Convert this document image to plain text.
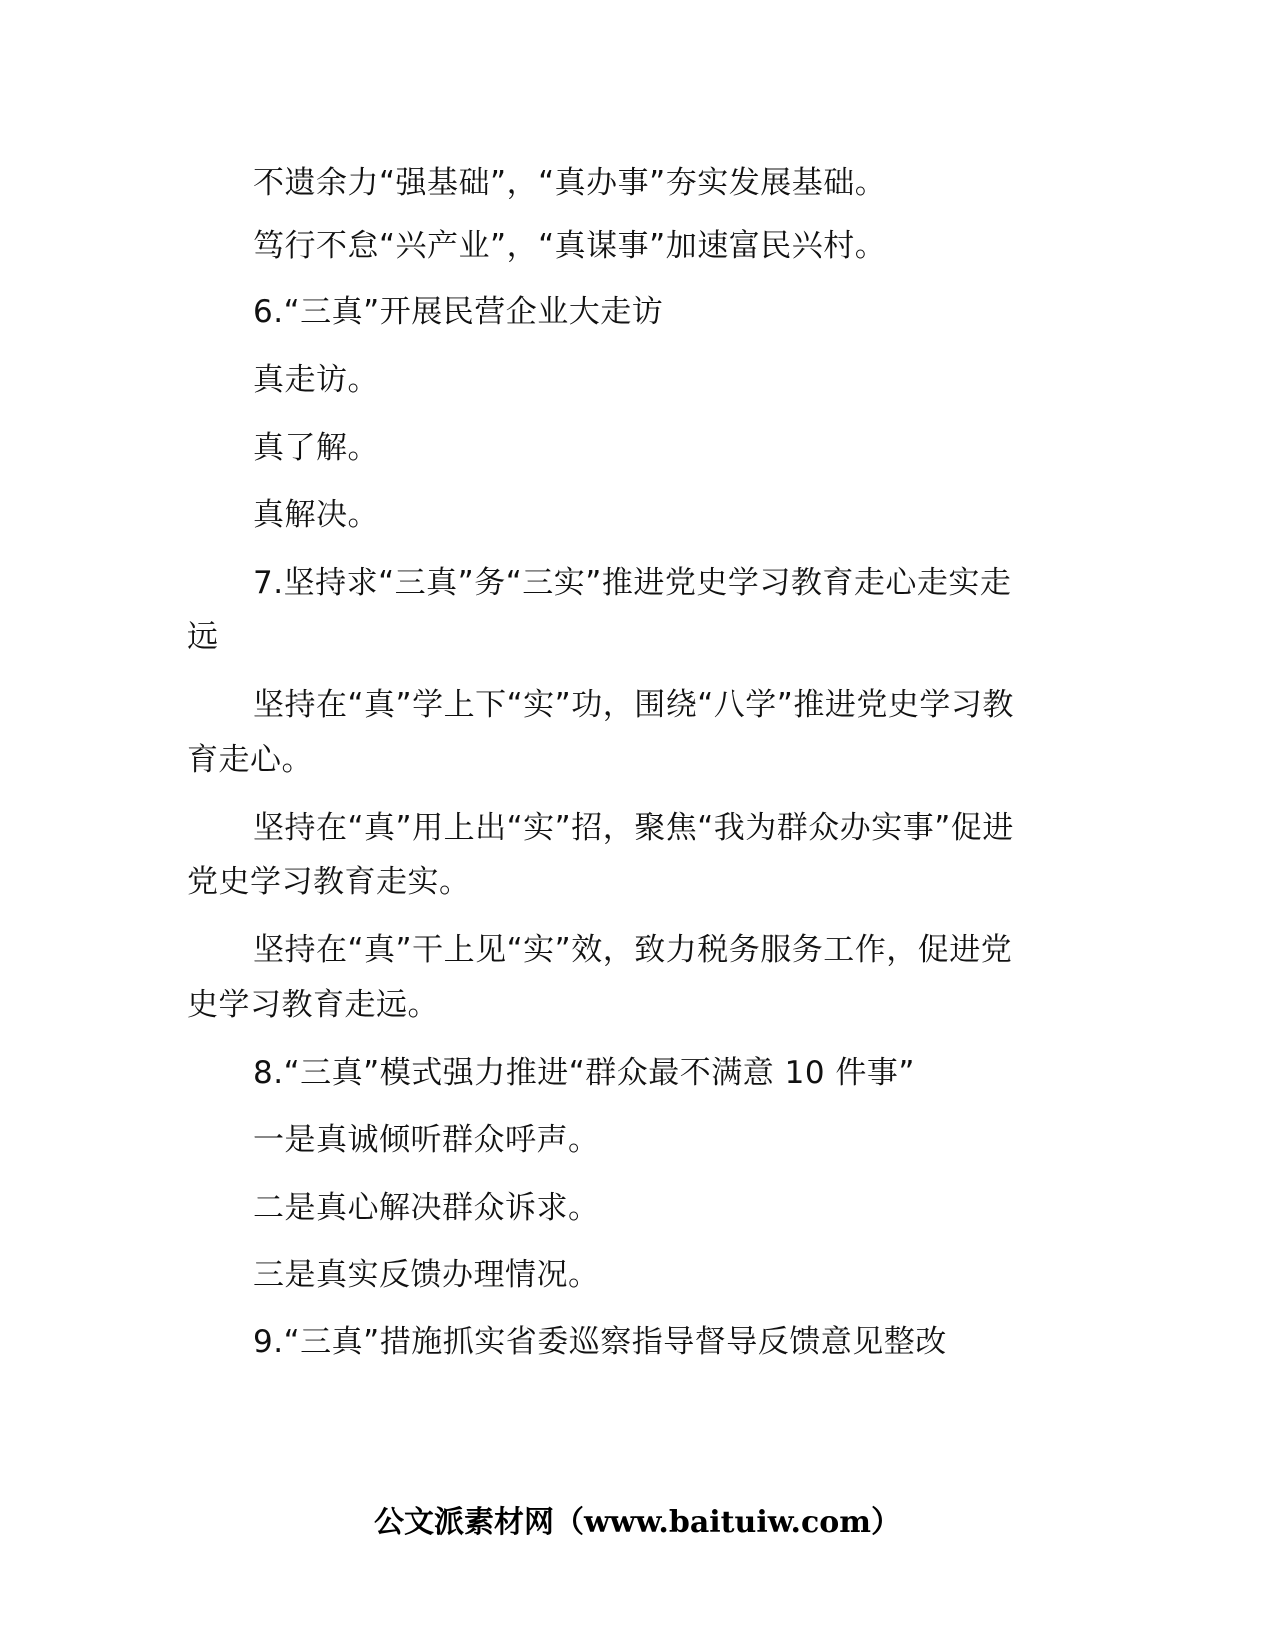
不遗余力“强基础”，“真办事”夯实发展基础。
笃行不怠“兴产业”，“真谋事”加速富民兴村。
6.“三真”开展民营企业大走访
真走访。
真了解。
真解决。
7.坚持求“三真”务“三实”推进党史学习教育走心走实走
远
坚持在“真”学上下“实”功，围绕“八学”推进党史学习教
育走心。
坚持在“真”用上出“实”招，聚焦“我为群众办实事”促进
党史学习教育走实。
坚持在“真”干上见“实”效，致力税务服务工作，促进党
史学习教育走远。
8.“三真”模式强力推进“群众最不满意 10 件事”
一是真诚倾听群众呼声。
二是真心解决群众诉求。
三是真实反馈办理情况。
9.“三真”措施抓实省委巡察指导督导反馈意见整改
公文派素材网（www.baituiw.com）
